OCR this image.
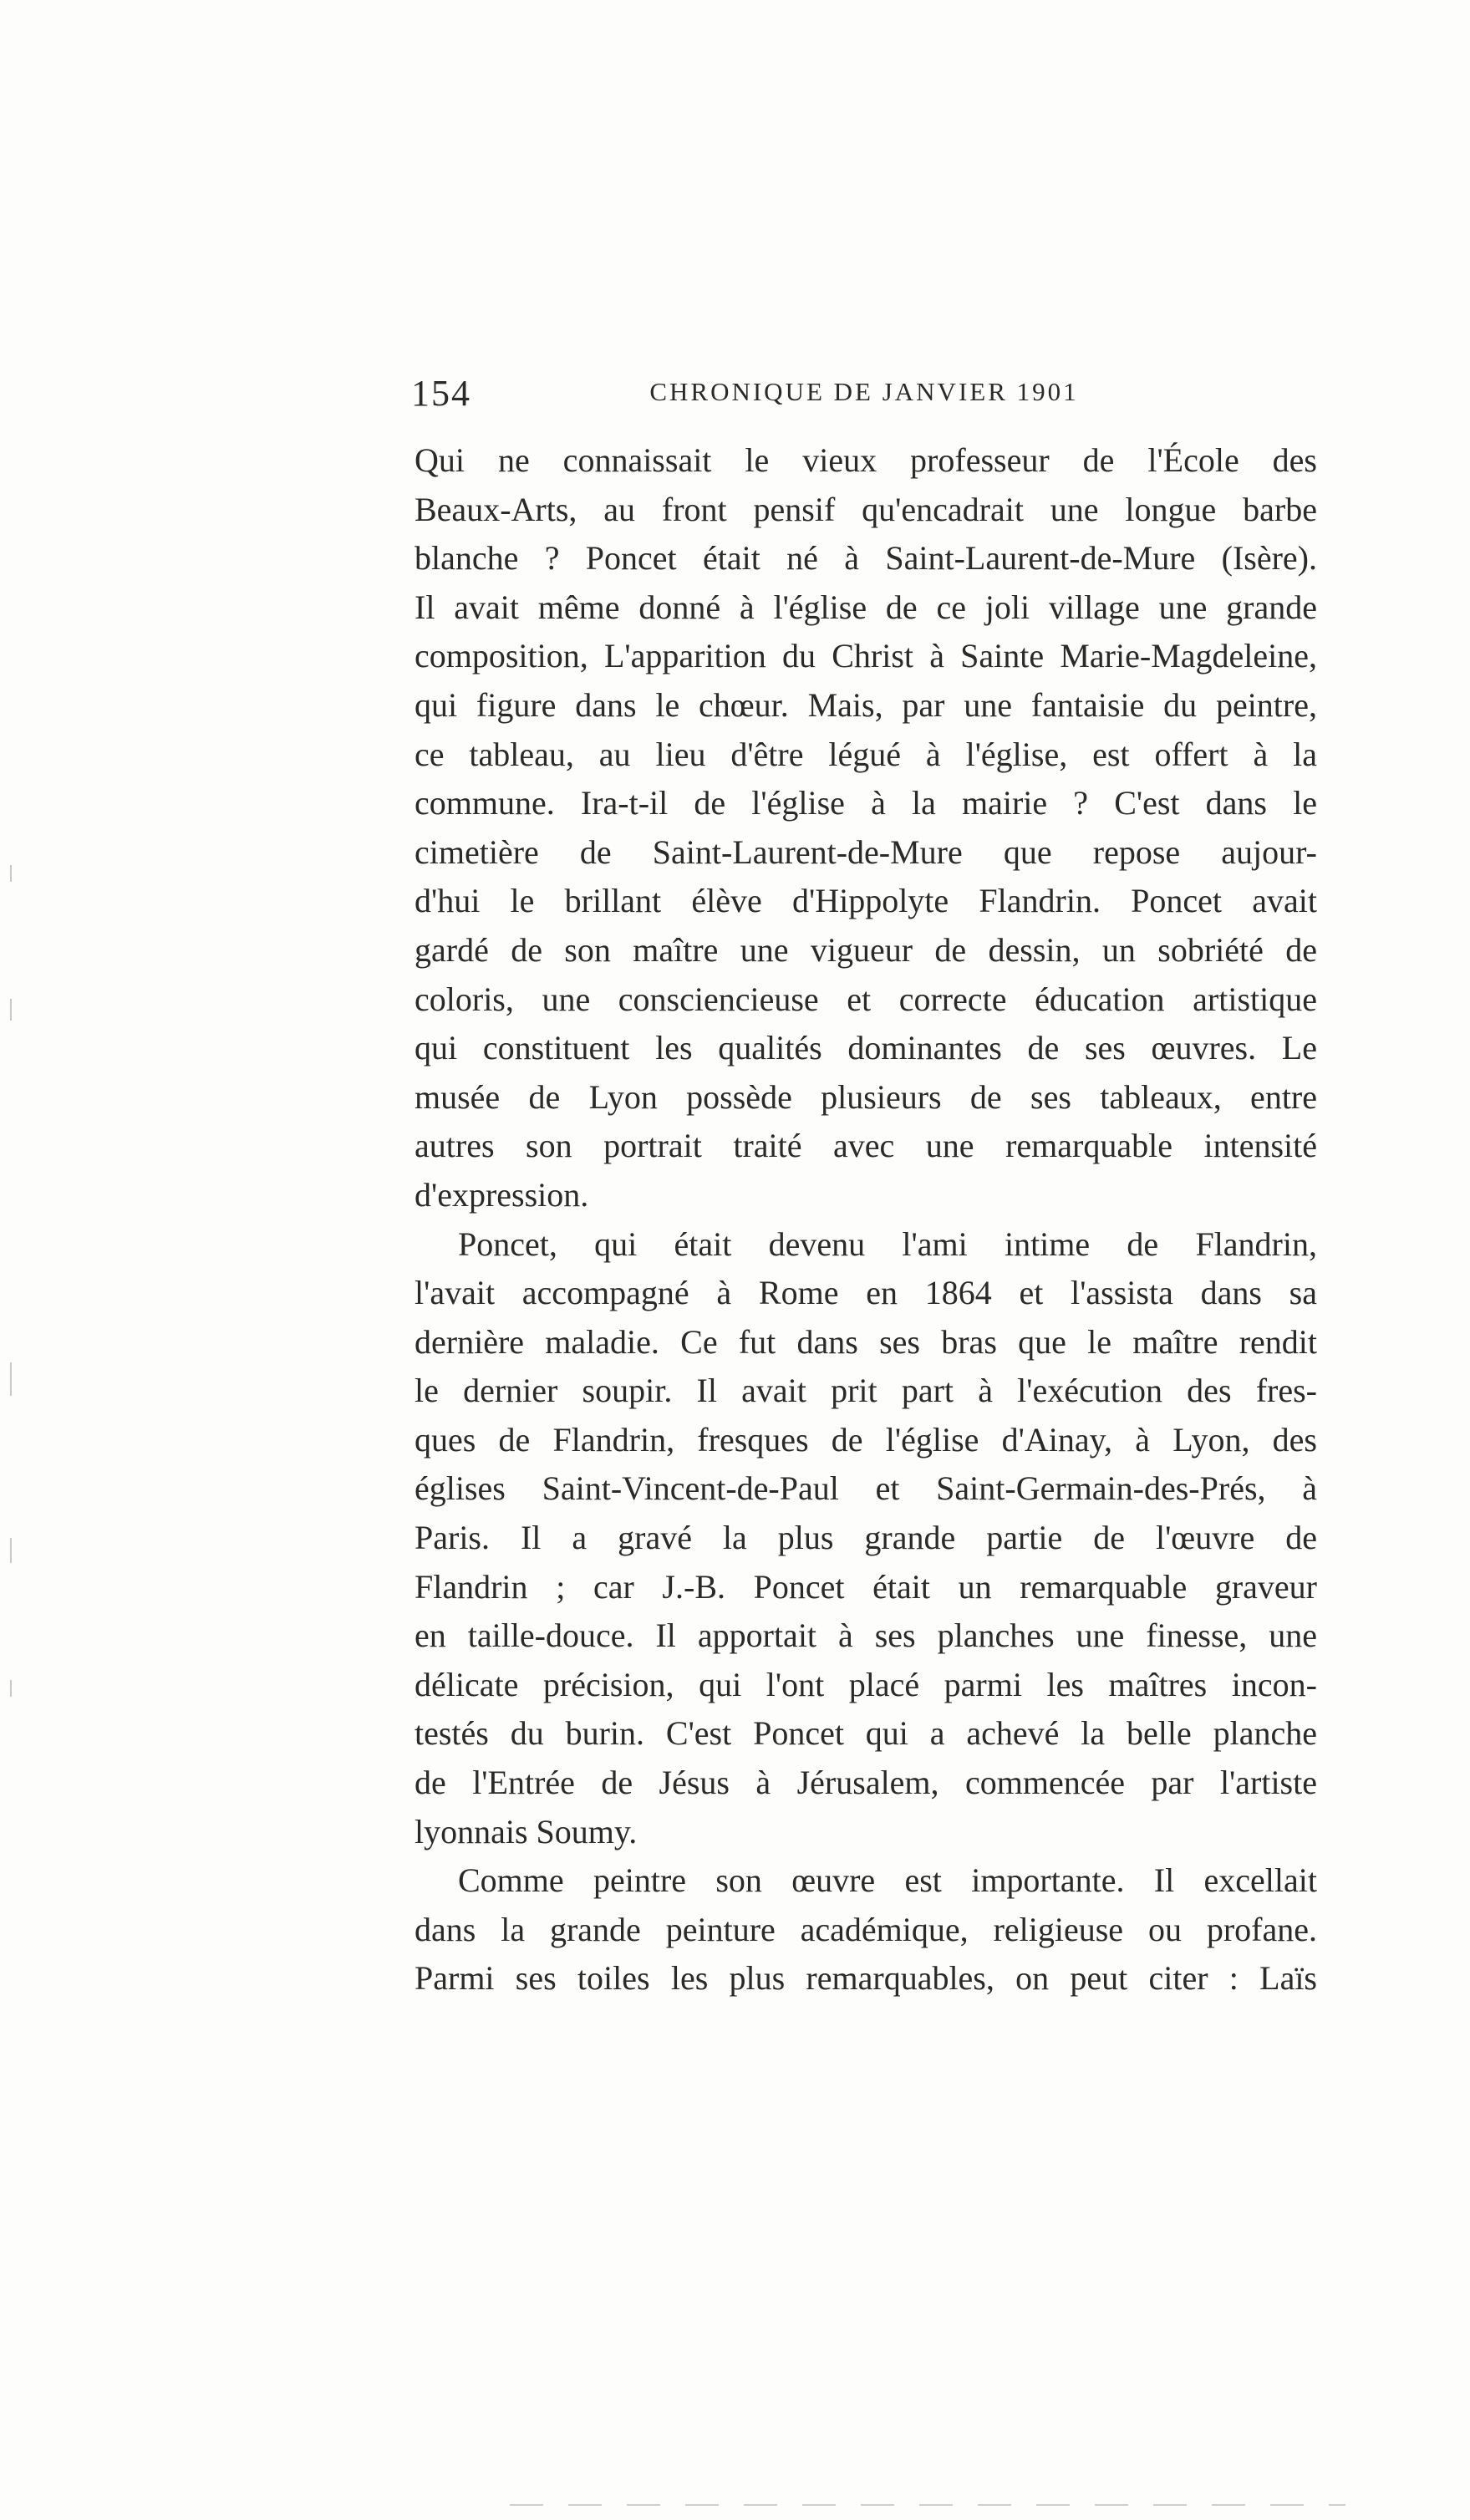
154	CHRONIQUE DE JANVIER 1901
Qui ne connaissait le vieux professeur de l'École des
Beaux-Arts, au front pensif qu'encadrait une longue barbe
blanche ? Poncet était né à Saint-Laurent-de-Mure (Isère).
Il avait même donné à l'église de ce joli village une grande
composition, L'apparition du Christ à Sainte Marie-Magdeleine,
qui figure dans le chœur. Mais, par une fantaisie du peintre,
ce tableau, au lieu d'être légué à l'église, est offert à la
commune. Ira-t-il de l'église à la mairie ? C'est dans le
cimetière de Saint-Laurent-de-Mure que repose aujour-
d'hui le brillant élève d'Hippolyte Flandrin. Poncet avait
gardé de son maître une vigueur de dessin, un sobriété de
coloris, une consciencieuse et correcte éducation artistique
qui constituent les qualités dominantes de ses œuvres. Le
musée de Lyon possède plusieurs de ses tableaux, entre
autres son portrait traité avec une remarquable intensité
d'expression.
Poncet, qui était devenu l'ami intime de Flandrin,
l'avait accompagné à Rome en 1864 et l'assista dans sa
dernière maladie. Ce fut dans ses bras que le maître rendit
le dernier soupir. Il avait prit part à l'exécution des fres-
ques de Flandrin, fresques de l'église d'Ainay, à Lyon, des
églises Saint-Vincent-de-Paul et Saint-Germain-des-Prés, à
Paris. Il a gravé la plus grande partie de l'œuvre de
Flandrin ; car J.-B. Poncet était un remarquable graveur
en taille-douce. Il apportait à ses planches une finesse, une
délicate précision, qui l'ont placé parmi les maîtres incon-
testés du burin. C'est Poncet qui a achevé la belle planche
de l'Entrée de Jésus à Jérusalem, commencée par l'artiste
lyonnais Soumy.
Comme peintre son œuvre est importante. Il excellait
dans la grande peinture académique, religieuse ou profane.
Parmi ses toiles les plus remarquables, on peut citer : Laïs
